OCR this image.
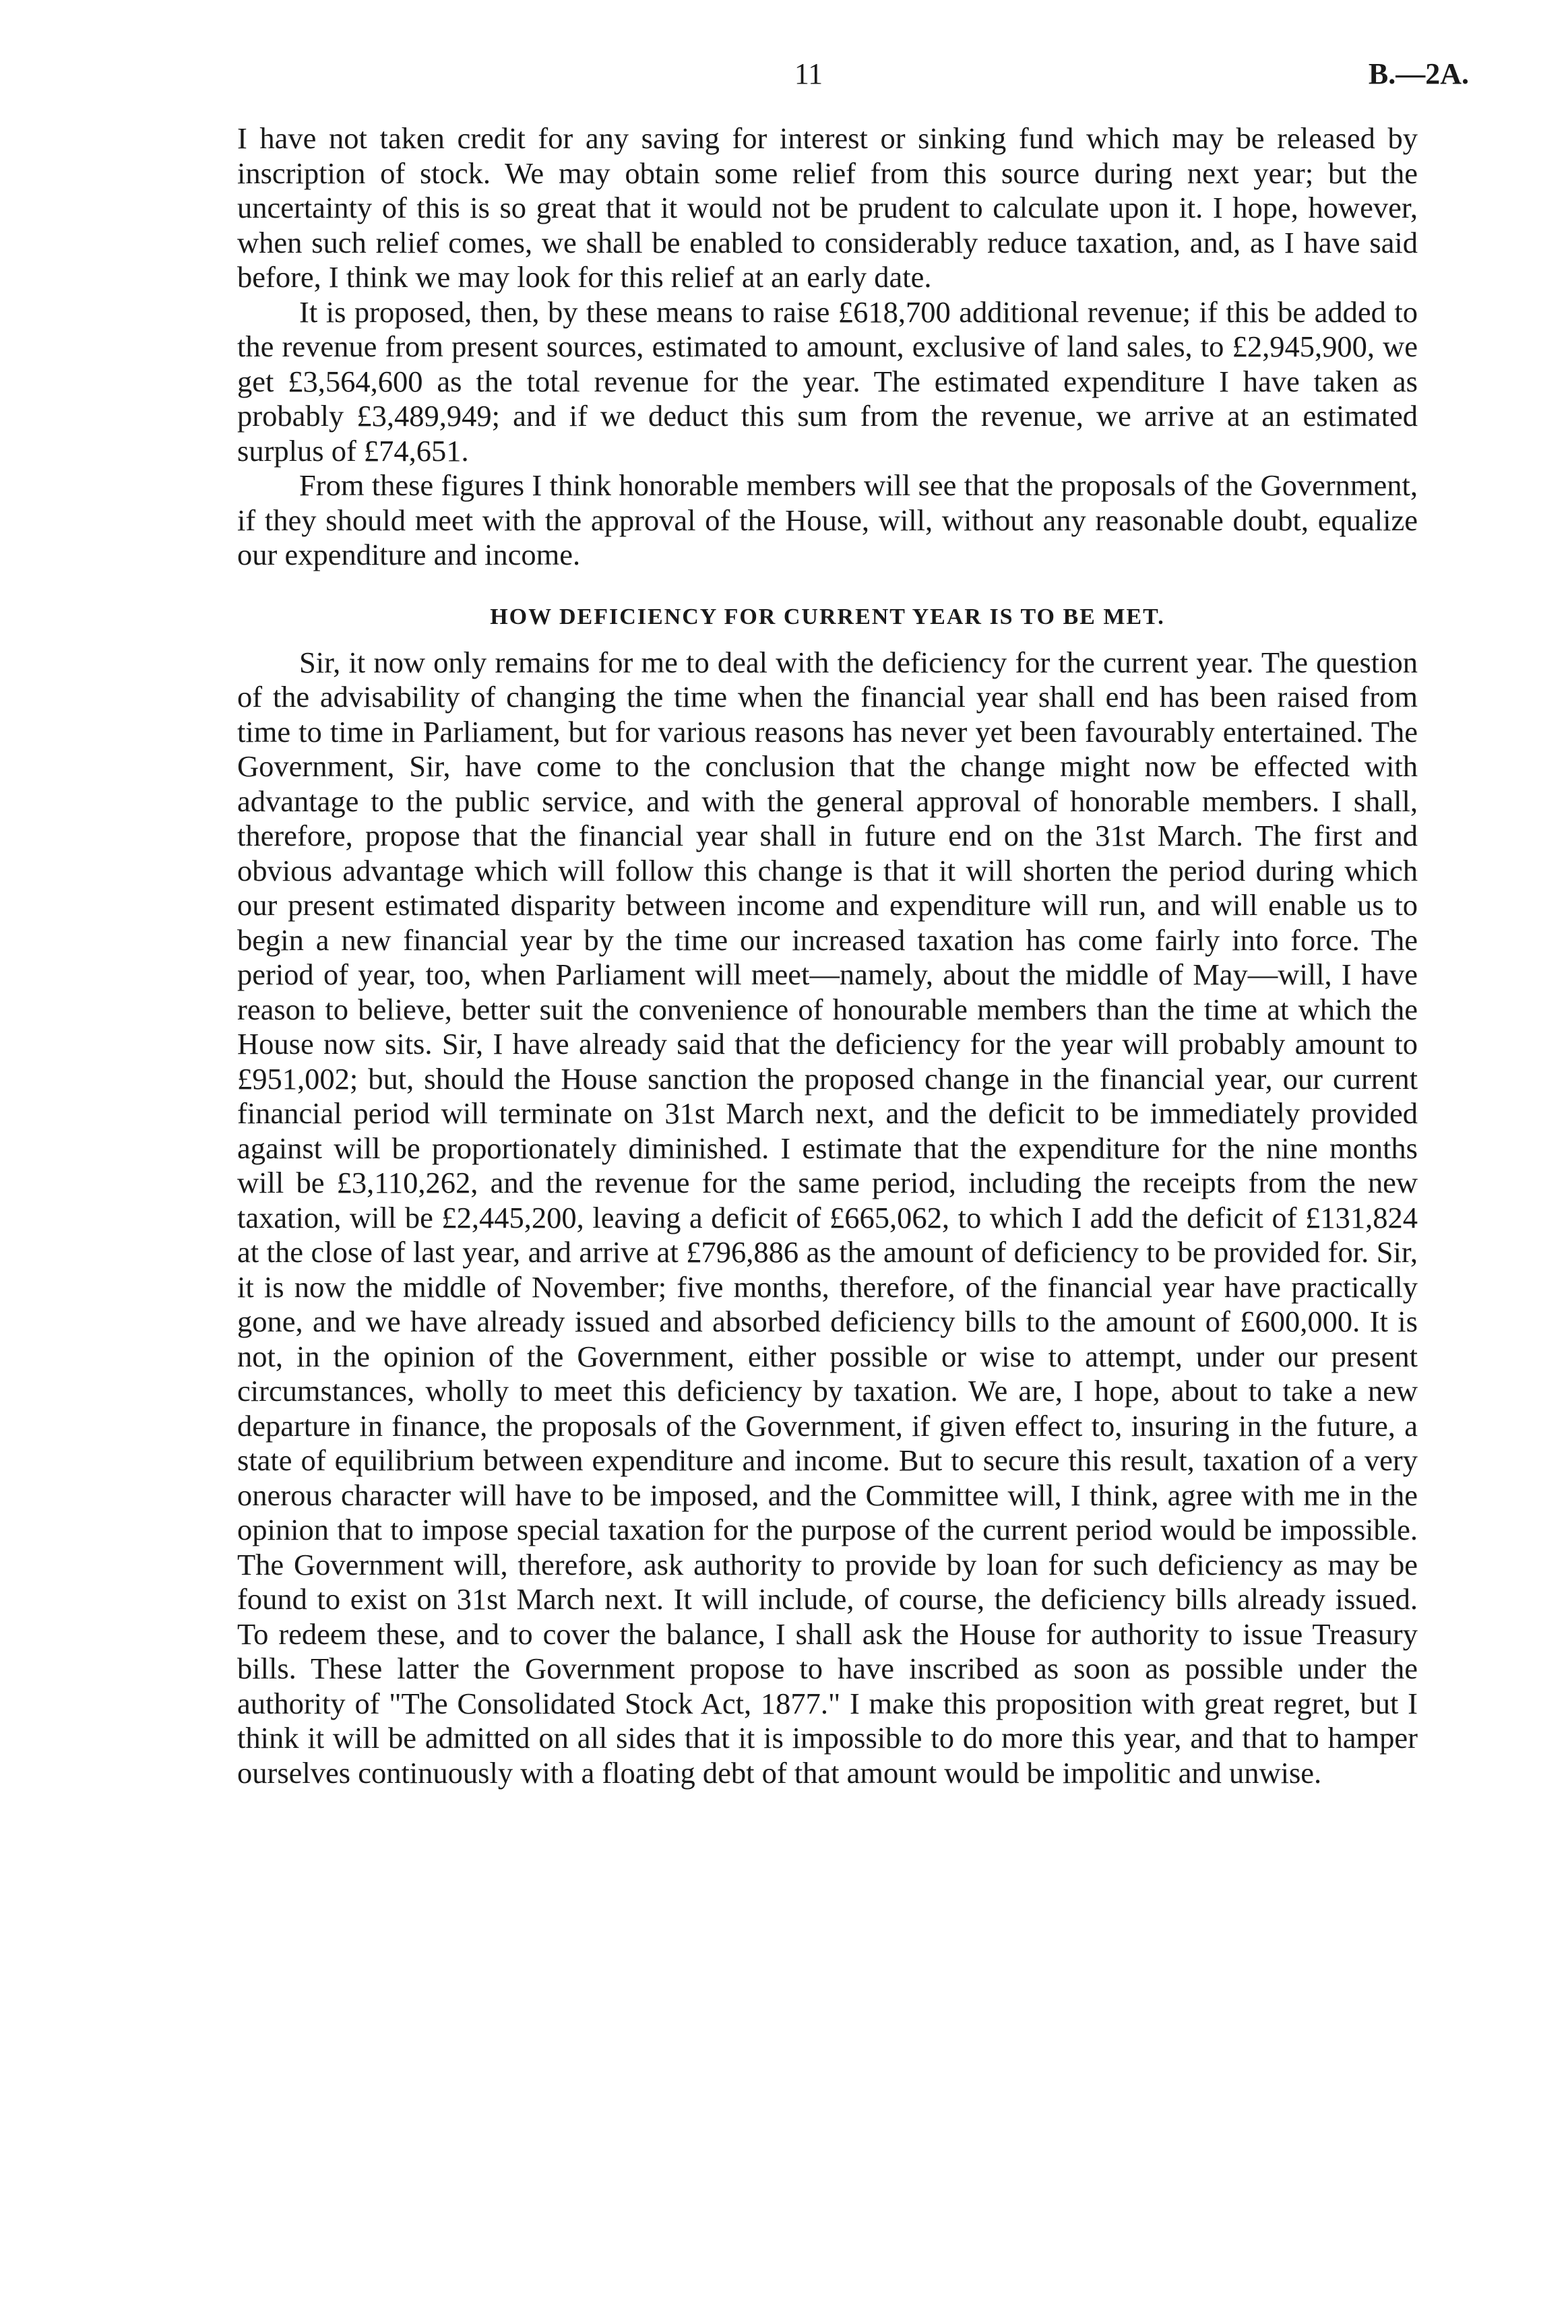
11	B.—2A.

I have not taken credit for any saving for interest or sinking fund which may be released by inscription of stock. We may obtain some relief from this source during next year; but the uncertainty of this is so great that it would not be prudent to calculate upon it. I hope, however, when such relief comes, we shall be enabled to considerably reduce taxation, and, as I have said before, I think we may look for this relief at an early date.

It is proposed, then, by these means to raise £618,700 additional revenue; if this be added to the revenue from present sources, estimated to amount, exclusive of land sales, to £2,945,900, we get £3,564,600 as the total revenue for the year. The estimated expenditure I have taken as probably £3,489,949; and if we deduct this sum from the revenue, we arrive at an estimated surplus of £74,651.

From these figures I think honorable members will see that the proposals of the Government, if they should meet with the approval of the House, will, without any reasonable doubt, equalize our expenditure and income.

HOW DEFICIENCY FOR CURRENT YEAR IS TO BE MET.

Sir, it now only remains for me to deal with the deficiency for the current year. The question of the advisability of changing the time when the financial year shall end has been raised from time to time in Parliament, but for various reasons has never yet been favourably entertained. The Government, Sir, have come to the conclusion that the change might now be effected with advantage to the public service, and with the general approval of honorable members. I shall, therefore, propose that the financial year shall in future end on the 31st March. The first and obvious advantage which will follow this change is that it will shorten the period during which our present estimated disparity between income and expenditure will run, and will enable us to begin a new financial year by the time our increased taxation has come fairly into force. The period of year, too, when Parliament will meet—namely, about the middle of May—will, I have reason to believe, better suit the convenience of honourable members than the time at which the House now sits. Sir, I have already said that the deficiency for the year will probably amount to £951,002; but, should the House sanction the proposed change in the financial year, our current financial period will terminate on 31st March next, and the deficit to be immediately provided against will be proportionately diminished. I estimate that the expenditure for the nine months will be £3,110,262, and the revenue for the same period, including the receipts from the new taxation, will be £2,445,200, leaving a deficit of £665,062, to which I add the deficit of £131,824 at the close of last year, and arrive at £796,886 as the amount of deficiency to be provided for. Sir, it is now the middle of November; five months, therefore, of the financial year have practically gone, and we have already issued and absorbed deficiency bills to the amount of £600,000. It is not, in the opinion of the Government, either possible or wise to attempt, under our present circumstances, wholly to meet this deficiency by taxation. We are, I hope, about to take a new departure in finance, the proposals of the Government, if given effect to, insuring in the future, a state of equilibrium between expenditure and income. But to secure this result, taxation of a very onerous character will have to be imposed, and the Committee will, I think, agree with me in the opinion that to impose special taxation for the purpose of the current period would be impossible. The Government will, therefore, ask authority to provide by loan for such deficiency as may be found to exist on 31st March next. It will include, of course, the deficiency bills already issued. To redeem these, and to cover the balance, I shall ask the House for authority to issue Treasury bills. These latter the Government propose to have inscribed as soon as possible under the authority of "The Consolidated Stock Act, 1877." I make this proposition with great regret, but I think it will be admitted on all sides that it is impossible to do more this year, and that to hamper ourselves continuously with a floating debt of that amount would be impolitic and unwise.
